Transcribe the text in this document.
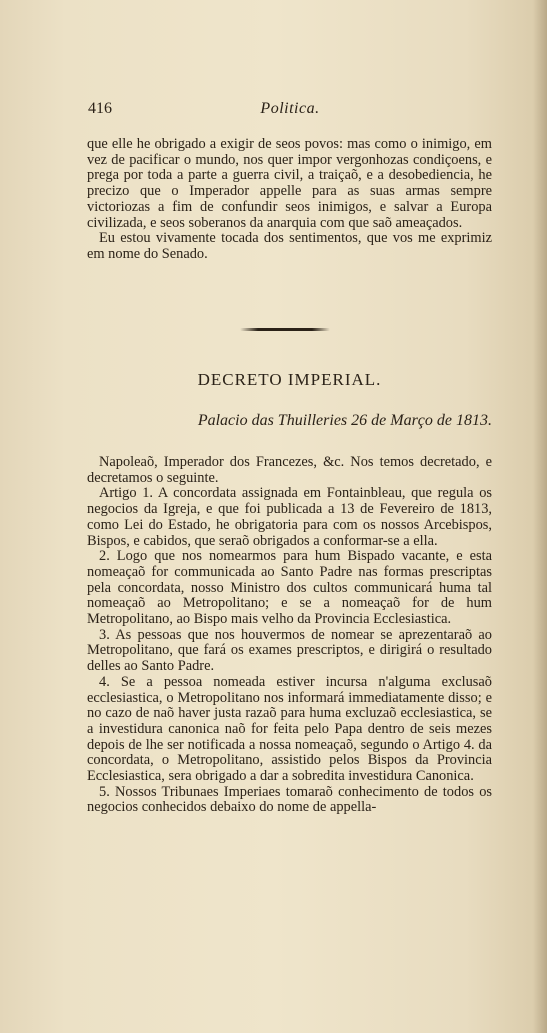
416	Politica.

que elle he obrigado a exigir de seos povos: mas como o inimigo, em vez de pacificar o mundo, nos quer impor vergonhozas condiçoens, e prega por toda a parte a guerra civil, a traiçaõ, e a desobediencia, he precizo que o Imperador appelle para as suas armas sempre victoriozas a fim de confundir seos inimigos, e salvar a Europa civilizada, e seos soberanos da anarquia com que saõ ameaçados.

Eu estou vivamente tocada dos sentimentos, que vos me exprimiz em nome do Senado.

DECRETO IMPERIAL.
Palacio das Thuilleries 26 de Março de 1813.

Napoleaõ, Imperador dos Francezes, &c. Nos temos decretado, e decretamos o seguinte.

Artigo 1. A concordata assignada em Fontainbleau, que regula os negocios da Igreja, e que foi publicada a 13 de Fevereiro de 1813, como Lei do Estado, he obrigatoria para com os nossos Arcebispos, Bispos, e cabidos, que seraõ obrigados a conformar-se a ella.

2. Logo que nos nomearmos para hum Bispado vacante, e esta nomeaçaõ for communicada ao Santo Padre nas formas prescriptas pela concordata, nosso Ministro dos cultos communicará huma tal nomeaçaõ ao Metropolitano; e se a nomeaçaõ for de hum Metropolitano, ao Bispo mais velho da Provincia Ecclesiastica.

3. As pessoas que nos houvermos de nomear se aprezentaraõ ao Metropolitano, que fará os exames prescriptos, e dirigirá o resultado delles ao Santo Padre.

4. Se a pessoa nomeada estiver incursa n'alguma exclusaõ ecclesiastica, o Metropolitano nos informará immediatamente disso; e no cazo de naõ haver justa razaõ para huma excluzaõ ecclesiastica, se a investidura canonica naõ for feita pelo Papa dentro de seis mezes depois de lhe ser notificada a nossa nomeaçaõ, segundo o Artigo 4. da concordata, o Metropolitano, assistido pelos Bispos da Provincia Ecclesiastica, sera obrigado a dar a sobredita investidura Canonica.

5. Nossos Tribunaes Imperiaes tomaraõ conhecimento de todos os negocios conhecidos debaixo do nome de appella-
